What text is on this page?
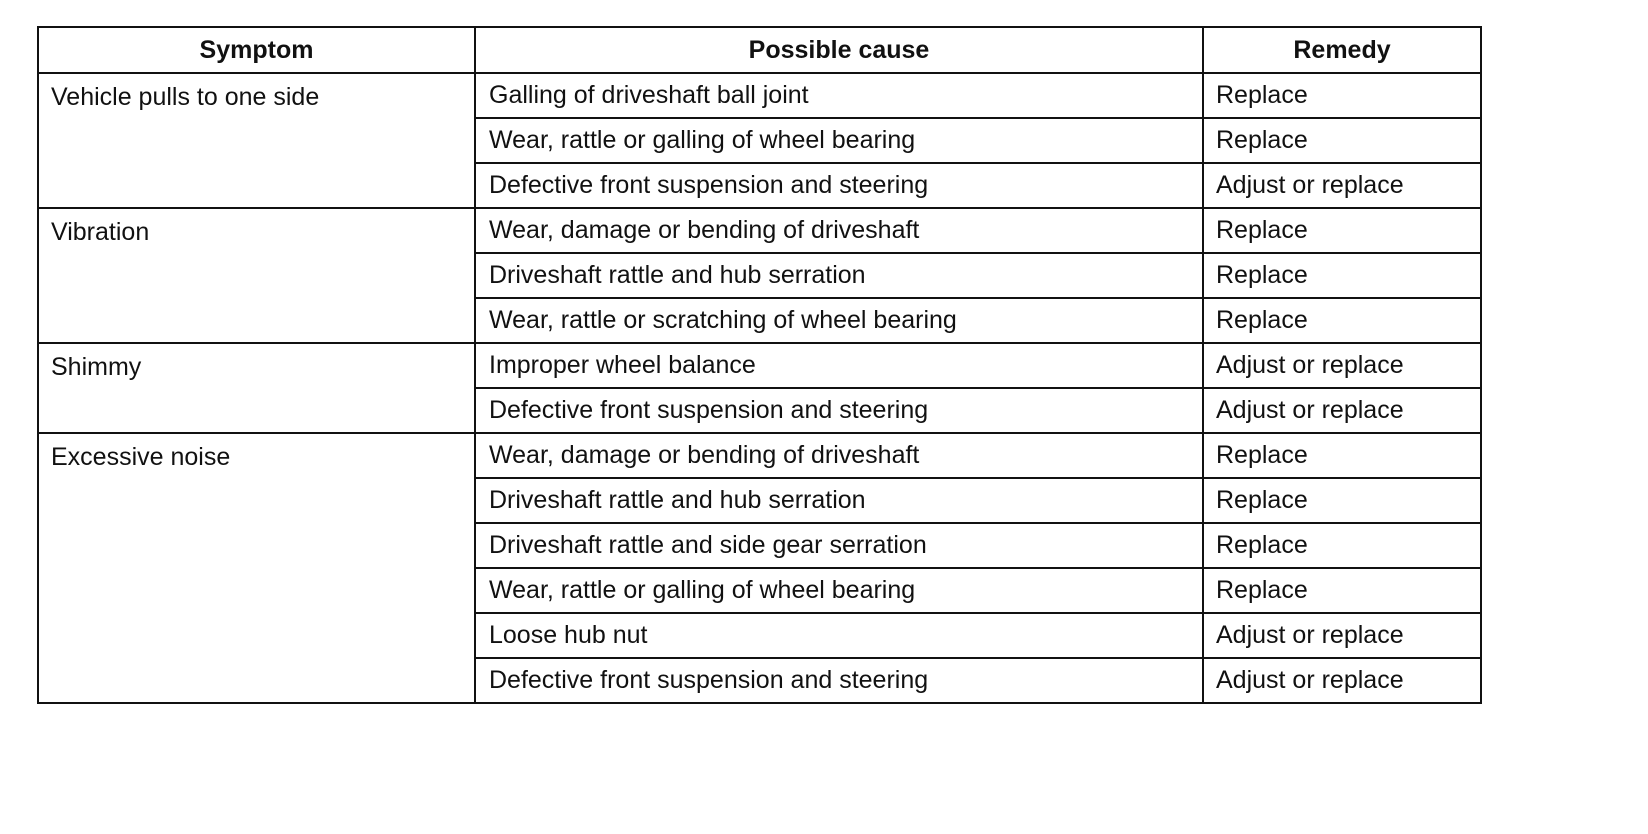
Symptom	Possible cause	Remedy
Vehicle pulls to one side	Galling of driveshaft ball joint	Replace
	Wear, rattle or galling of wheel bearing	Replace
	Defective front suspension and steering	Adjust or replace
Vibration	Wear, damage or bending of driveshaft	Replace
	Driveshaft rattle and hub serration	Replace
	Wear, rattle or scratching of wheel bearing	Replace
Shimmy	Improper wheel balance	Adjust or replace
	Defective front suspension and steering	Adjust or replace
Excessive noise	Wear, damage or bending of driveshaft	Replace
	Driveshaft rattle and hub serration	Replace
	Driveshaft rattle and side gear serration	Replace
	Wear, rattle or galling of wheel bearing	Replace
	Loose hub nut	Adjust or replace
	Defective front suspension and steering	Adjust or replace
